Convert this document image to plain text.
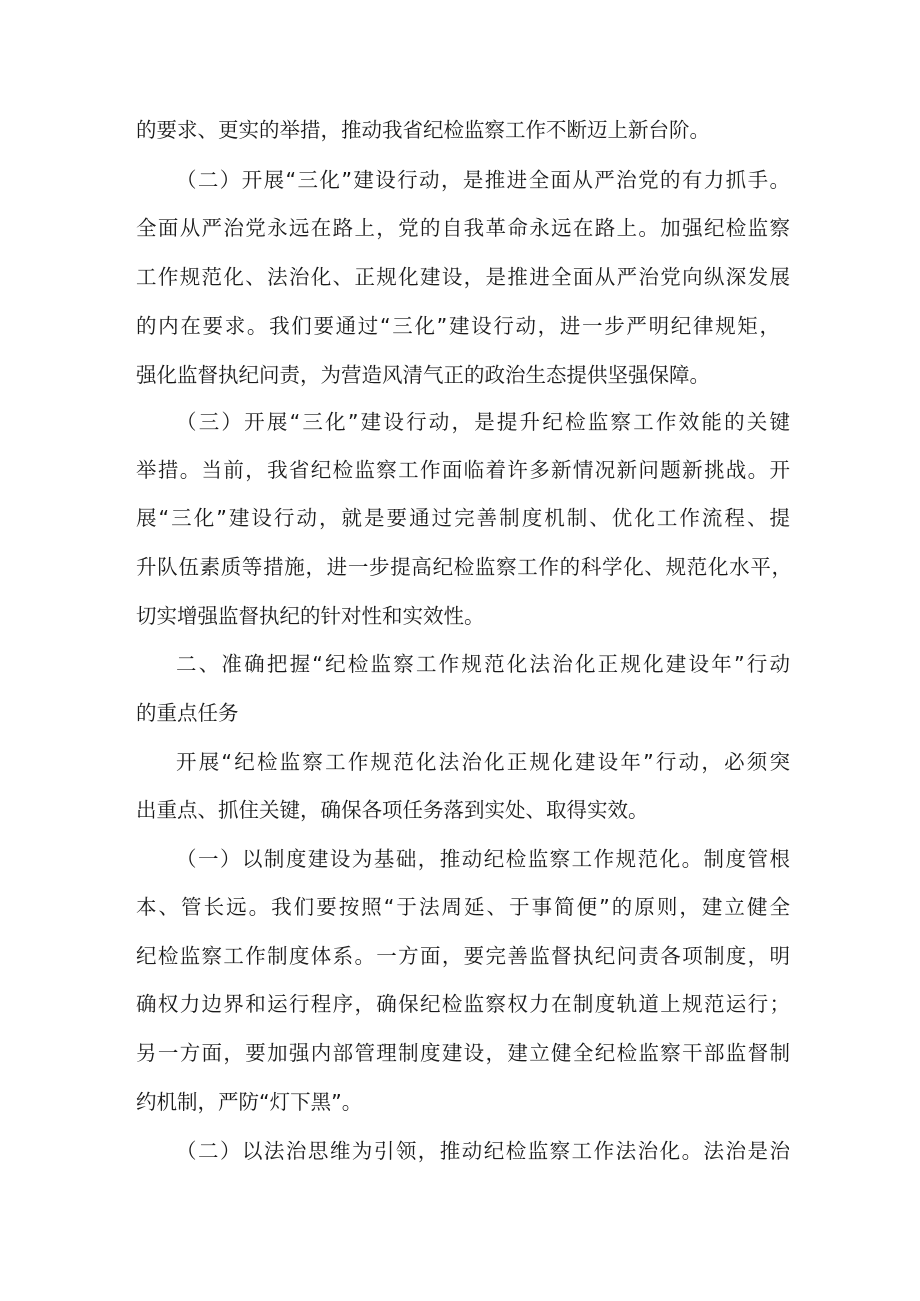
的要求、更实的举措，推动我省纪检监察工作不断迈上新台阶。
（二）开展“三化”建设行动，是推进全面从严治党的有力抓手。
全面从严治党永远在路上，党的自我革命永远在路上。加强纪检监察
工作规范化、法治化、正规化建设，是推进全面从严治党向纵深发展
的内在要求。我们要通过“三化”建设行动，进一步严明纪律规矩，
强化监督执纪问责，为营造风清气正的政治生态提供坚强保障。
（三）开展“三化”建设行动，是提升纪检监察工作效能的关键
举措。当前，我省纪检监察工作面临着许多新情况新问题新挑战。开
展“三化”建设行动，就是要通过完善制度机制、优化工作流程、提
升队伍素质等措施，进一步提高纪检监察工作的科学化、规范化水平，
切实增强监督执纪的针对性和实效性。
二、准确把握“纪检监察工作规范化法治化正规化建设年”行动
的重点任务
开展“纪检监察工作规范化法治化正规化建设年”行动，必须突
出重点、抓住关键，确保各项任务落到实处、取得实效。
（一）以制度建设为基础，推动纪检监察工作规范化。制度管根
本、管长远。我们要按照“于法周延、于事简便”的原则，建立健全
纪检监察工作制度体系。一方面，要完善监督执纪问责各项制度，明
确权力边界和运行程序，确保纪检监察权力在制度轨道上规范运行；
另一方面，要加强内部管理制度建设，建立健全纪检监察干部监督制
约机制，严防“灯下黑”。
（二）以法治思维为引领，推动纪检监察工作法治化。法治是治
